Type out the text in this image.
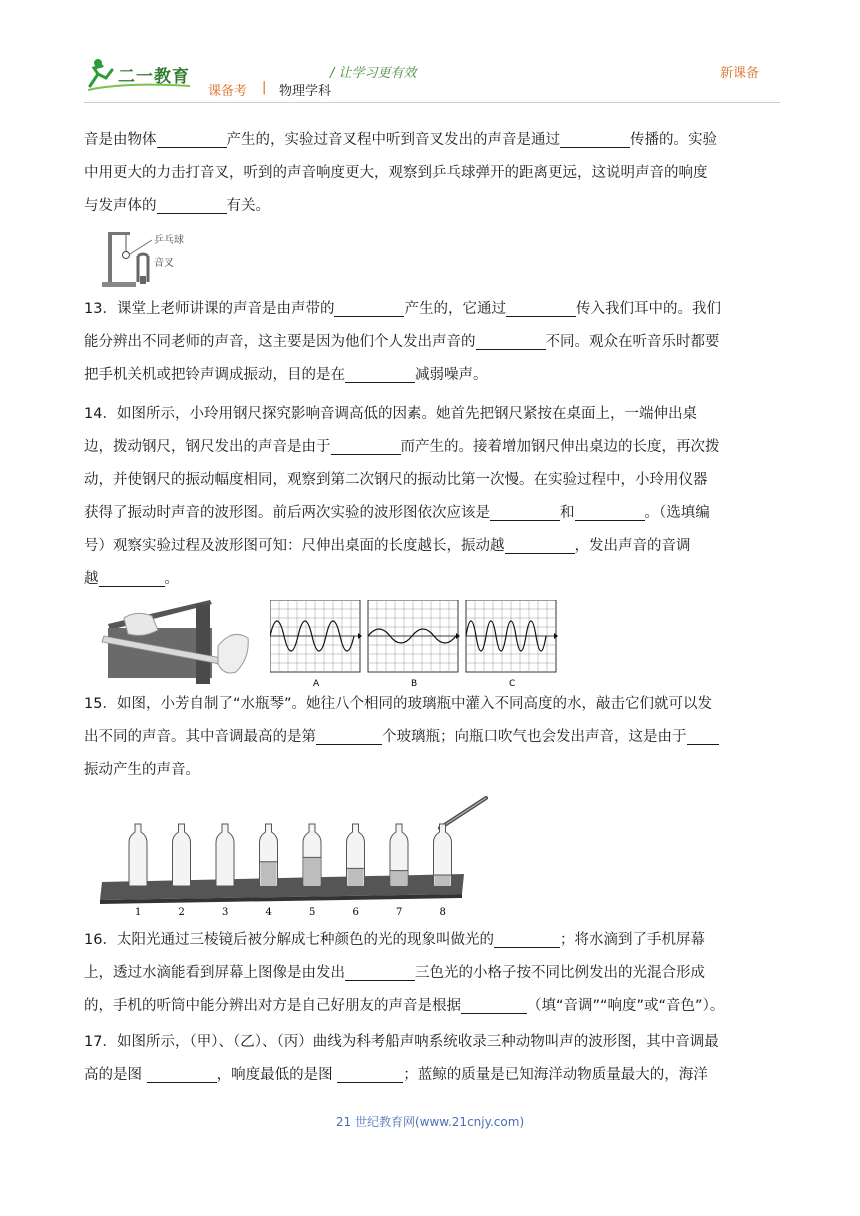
二一教育	/ 让学习更有效	新课备
课备考 | 物理学科
音是由物体	产生的，实验过音叉程中听到音叉发出的声音是通过	传播的。实验
中用更大的力击打音叉，听到的声音响度更大，观察到乒乓球弹开的距离更远，这说明声音的响度
与发声体的	有关。
乒乓球
音叉
13．课堂上老师讲课的声音是由声带的	产生的，它通过	传入我们耳中的。我们
能分辨出不同老师的声音，这主要是因为他们个人发出声音的	不同。观众在听音乐时都要
把手机关机或把铃声调成振动，目的是在	减弱噪声。
14．如图所示，小玲用钢尺探究影响音调高低的因素。她首先把钢尺紧按在桌面上，一端伸出桌
边，拨动钢尺，钢尺发出的声音是由于	而产生的。接着增加钢尺伸出桌边的长度，再次拨
动，并使钢尺的振动幅度相同，观察到第二次钢尺的振动比第一次慢。在实验过程中，小玲用仪器
获得了振动时声音的波形图。前后两次实验的波形图依次应该是	和	。（选填编
号）观察实验过程及波形图可知：尺伸出桌面的长度越长，振动越	，发出声音的音调
越	。
A	B	C
15．如图，小芳自制了“水瓶琴”。她往八个相同的玻璃瓶中灌入不同高度的水，敲击它们就可以发
出不同的声音。其中音调最高的是第	个玻璃瓶；向瓶口吹气也会发出声音，这是由于
振动产生的声音。
1	2	3	4	5	6	7	8
16．太阳光通过三棱镜后被分解成七种颜色的光的现象叫做光的	；将水滴到了手机屏幕
上，透过水滴能看到屏幕上图像是由发出	三色光的小格子按不同比例发出的光混合形成
的，手机的听筒中能分辨出对方是自己好朋友的声音是根据	（填“音调”“响度”或“音色”）。
17．如图所示，（甲）、（乙）、（丙）曲线为科考船声呐系统收录三种动物叫声的波形图，其中音调最
高的是图	，响度最低的是图	；蓝鲸的质量是已知海洋动物质量最大的，海洋
21 世纪教育网(www.21cnjy.com)
